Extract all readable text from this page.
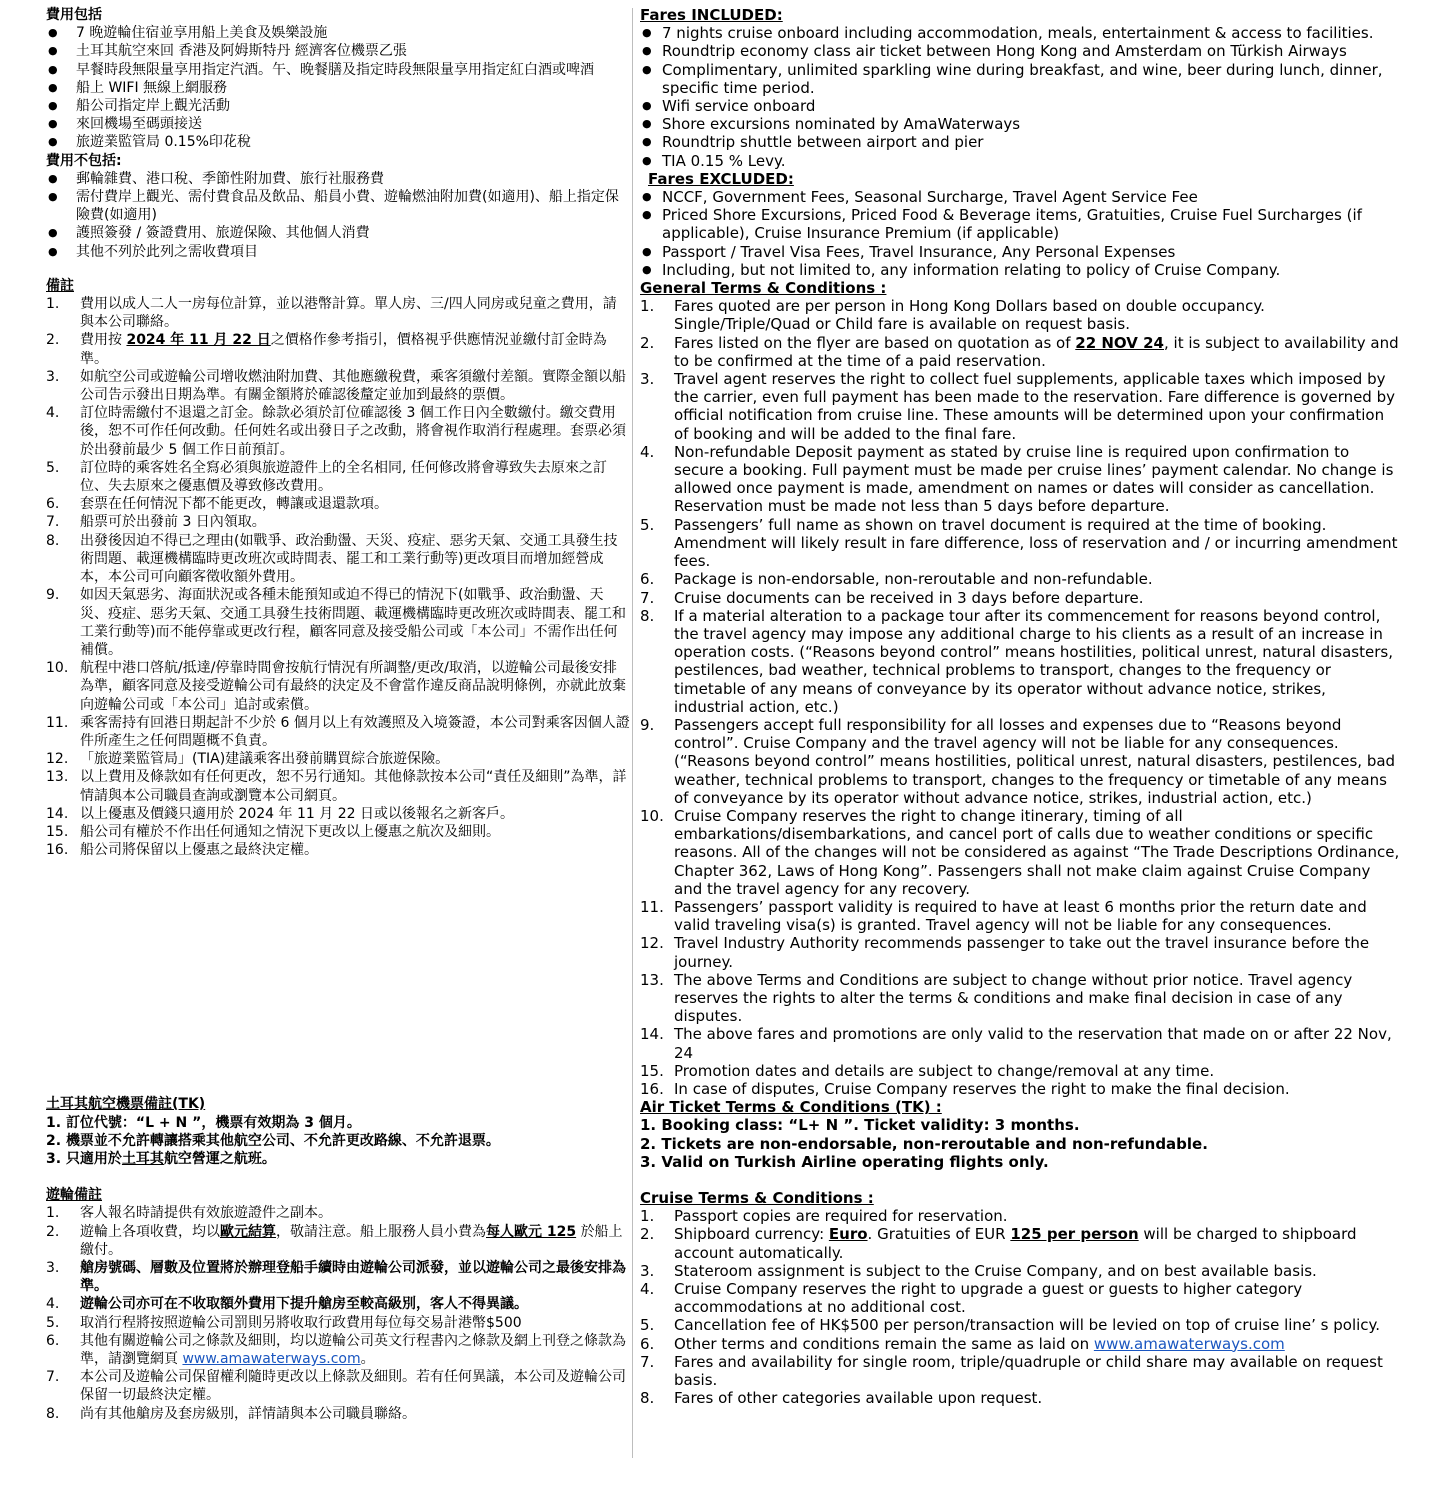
費用包括

● 7 晚遊輪住宿並享用船上美食及娛樂設施
● 土耳其航空來回 香港及阿姆斯特丹 經濟客位機票乙張
● 早餐時段無限量享用指定汽酒。午、晚餐膳及指定時段無限量享用指定紅白酒或啤酒
● 船上 WIFI 無線上網服務
● 船公司指定岸上觀光活動
● 來回機場至碼頭接送
● 旅遊業監管局 0.15%印花稅

費用不包括:

● 郵輪雜費、港口稅、季節性附加費、旅行社服務費
● 需付費岸上觀光、需付費食品及飲品、船員小費、遊輪燃油附加費(如適用)、船上指定保險費(如適用)
● 護照簽發 / 簽證費用、旅遊保險、其他個人消費
● 其他不列於此列之需收費項目

備註

1. 費用以成人二人一房每位計算，並以港幣計算。單人房、三/四人同房或兒童之費用，請與本公司聯絡。
2. 費用按 2024 年 11 月 22 日之價格作參考指引，價格視乎供應情況並繳付訂金時為準。
3. 如航空公司或遊輪公司增收燃油附加費、其他應繳稅費，乘客須繳付差額。實際金額以船公司告示發出日期為準。有關金額將於確認後釐定並加到最終的票價。
4. 訂位時需繳付不退還之訂金。餘款必須於訂位確認後 3 個工作日內全數繳付。繳交費用後，恕不可作任何改動。任何姓名或出發日子之改動，將會視作取消行程處理。套票必須於出發前最少 5 個工作日前預訂。
5. 訂位時的乘客姓名全寫必須與旅遊證件上的全名相同, 任何修改將會導致失去原來之訂位、失去原來之優惠價及導致修改費用。
6. 套票在任何情況下都不能更改，轉讓或退還款項。
7. 船票可於出發前 3 日內領取。
8. 出發後因迫不得已之理由(如戰爭、政治動盪、天災、疫症、惡劣天氣、交通工具發生技術問題、載運機構臨時更改班次或時間表、罷工和工業行動等)更改項目而增加經營成本，本公司可向顧客徵收額外費用。
9. 如因天氣惡劣、海面狀況或各種未能預知或迫不得已的情況下(如戰爭、政治動盪、天災、疫症、惡劣天氣、交通工具發生技術問題、載運機構臨時更改班次或時間表、罷工和工業行動等)而不能停靠或更改行程，顧客同意及接受船公司或「本公司」不需作出任何補償。
10. 航程中港口啓航/抵達/停靠時間會按航行情況有所調整/更改/取消，以遊輪公司最後安排為準，顧客同意及接受遊輪公司有最終的決定及不會當作違反商品說明條例，亦就此放棄向遊輪公司或「本公司」追討或索償。
11. 乘客需持有回港日期起計不少於 6 個月以上有效護照及入境簽證，本公司對乘客因個人證件所產生之任何問題概不負責。
12. 「旅遊業監管局」(TIA)建議乘客出發前購買綜合旅遊保險。
13. 以上費用及條款如有任何更改，恕不另行通知。其他條款按本公司“責任及細則”為準，詳情請與本公司職員查詢或瀏覽本公司網頁。
14. 以上優惠及價錢只適用於 2024 年 11 月 22 日或以後報名之新客戶。
15. 船公司有權於不作出任何通知之情況下更改以上優惠之航次及細則。
16. 船公司將保留以上優惠之最終決定權。

土耳其航空機票備註(TK)

1. 訂位代號：“L + N ”，機票有效期為 3 個月。
2. 機票並不允許轉讓搭乘其他航空公司、不允許更改路線、不允許退票。
3. 只適用於土耳其航空營運之航班。

遊輪備註

1. 客人報名時請提供有效旅遊證件之副本。
2. 遊輪上各項收費，均以歐元結算，敬請注意。船上服務人員小費為每人歐元 125 於船上繳付。
3. 艙房號碼、層數及位置將於辦理登船手續時由遊輪公司派發，並以遊輪公司之最後安排為準。
4. 遊輪公司亦可在不收取額外費用下提升艙房至較高級別，客人不得異議。
5. 取消行程將按照遊輪公司罰則另將收取行政費用每位每交易計港幣$500
6. 其他有關遊輪公司之條款及細則，均以遊輪公司英文行程書內之條款及網上刊登之條款為準，請瀏覽網頁 www.amawaterways.com。
7. 本公司及遊輪公司保留權利隨時更改以上條款及細則。若有任何異議，本公司及遊輪公司保留一切最終決定權。
8. 尚有其他艙房及套房級別，詳情請與本公司職員聯絡。

Fares INCLUDED:

● 7 nights cruise onboard including accommodation, meals, entertainment & access to facilities.
● Roundtrip economy class air ticket between Hong Kong and Amsterdam on Türkish Airways
● Complimentary, unlimited sparkling wine during breakfast, and wine, beer during lunch, dinner, specific time period.
● Wifi service onboard
● Shore excursions nominated by AmaWaterways
● Roundtrip shuttle between airport and pier
● TIA 0.15 % Levy.

Fares EXCLUDED:

● NCCF, Government Fees, Seasonal Surcharge, Travel Agent Service Fee
● Priced Shore Excursions, Priced Food & Beverage items, Gratuities, Cruise Fuel Surcharges (if applicable), Cruise Insurance Premium (if applicable)
● Passport / Travel Visa Fees, Travel Insurance, Any Personal Expenses
● Including, but not limited to, any information relating to policy of Cruise Company.

General Terms & Conditions :

1. Fares quoted are per person in Hong Kong Dollars based on double occupancy. Single/Triple/Quad or Child fare is available on request basis.
2. Fares listed on the flyer are based on quotation as of 22 NOV 24, it is subject to availability and to be confirmed at the time of a paid reservation.
3. Travel agent reserves the right to collect fuel supplements, applicable taxes which imposed by the carrier, even full payment has been made to the reservation. Fare difference is governed by official notification from cruise line. These amounts will be determined upon your confirmation of booking and will be added to the final fare.
4. Non-refundable Deposit payment as stated by cruise line is required upon confirmation to secure a booking. Full payment must be made per cruise lines’ payment calendar. No change is allowed once payment is made, amendment on names or dates will consider as cancellation. Reservation must be made not less than 5 days before departure.
5. Passengers’ full name as shown on travel document is required at the time of booking. Amendment will likely result in fare difference, loss of reservation and / or incurring amendment fees.
6. Package is non-endorsable, non-reroutable and non-refundable.
7. Cruise documents can be received in 3 days before departure.
8. If a material alteration to a package tour after its commencement for reasons beyond control, the travel agency may impose any additional charge to his clients as a result of an increase in operation costs. (“Reasons beyond control” means hostilities, political unrest, natural disasters, pestilences, bad weather, technical problems to transport, changes to the frequency or timetable of any means of conveyance by its operator without advance notice, strikes, industrial action, etc.)
9. Passengers accept full responsibility for all losses and expenses due to “Reasons beyond control”. Cruise Company and the travel agency will not be liable for any consequences. (“Reasons beyond control” means hostilities, political unrest, natural disasters, pestilences, bad weather, technical problems to transport, changes to the frequency or timetable of any means of conveyance by its operator without advance notice, strikes, industrial action, etc.)
10. Cruise Company reserves the right to change itinerary, timing of all embarkations/disembarkations, and cancel port of calls due to weather conditions or specific reasons. All of the changes will not be considered as against “The Trade Descriptions Ordinance, Chapter 362, Laws of Hong Kong”. Passengers shall not make claim against Cruise Company and the travel agency for any recovery.
11. Passengers’ passport validity is required to have at least 6 months prior the return date and valid traveling visa(s) is granted. Travel agency will not be liable for any consequences.
12. Travel Industry Authority recommends passenger to take out the travel insurance before the journey.
13. The above Terms and Conditions are subject to change without prior notice. Travel agency reserves the rights to alter the terms & conditions and make final decision in case of any disputes.
14. The above fares and promotions are only valid to the reservation that made on or after 22 Nov, 24
15. Promotion dates and details are subject to change/removal at any time.
16. In case of disputes, Cruise Company reserves the right to make the final decision.

Air Ticket Terms & Conditions (TK) :

1. Booking class: “L+ N ”. Ticket validity: 3 months.
2. Tickets are non-endorsable, non-reroutable and non-refundable.
3. Valid on Turkish Airline operating flights only.

Cruise Terms & Conditions :

1. Passport copies are required for reservation.
2. Shipboard currency: Euro. Gratuities of EUR 125 per person will be charged to shipboard account automatically.
3. Stateroom assignment is subject to the Cruise Company, and on best available basis.
4. Cruise Company reserves the right to upgrade a guest or guests to higher category accommodations at no additional cost.
5. Cancellation fee of HK$500 per person/transaction will be levied on top of cruise line’ s policy.
6. Other terms and conditions remain the same as laid on www.amawaterways.com
7. Fares and availability for single room, triple/quadruple or child share may available on request basis.
8. Fares of other categories available upon request.
